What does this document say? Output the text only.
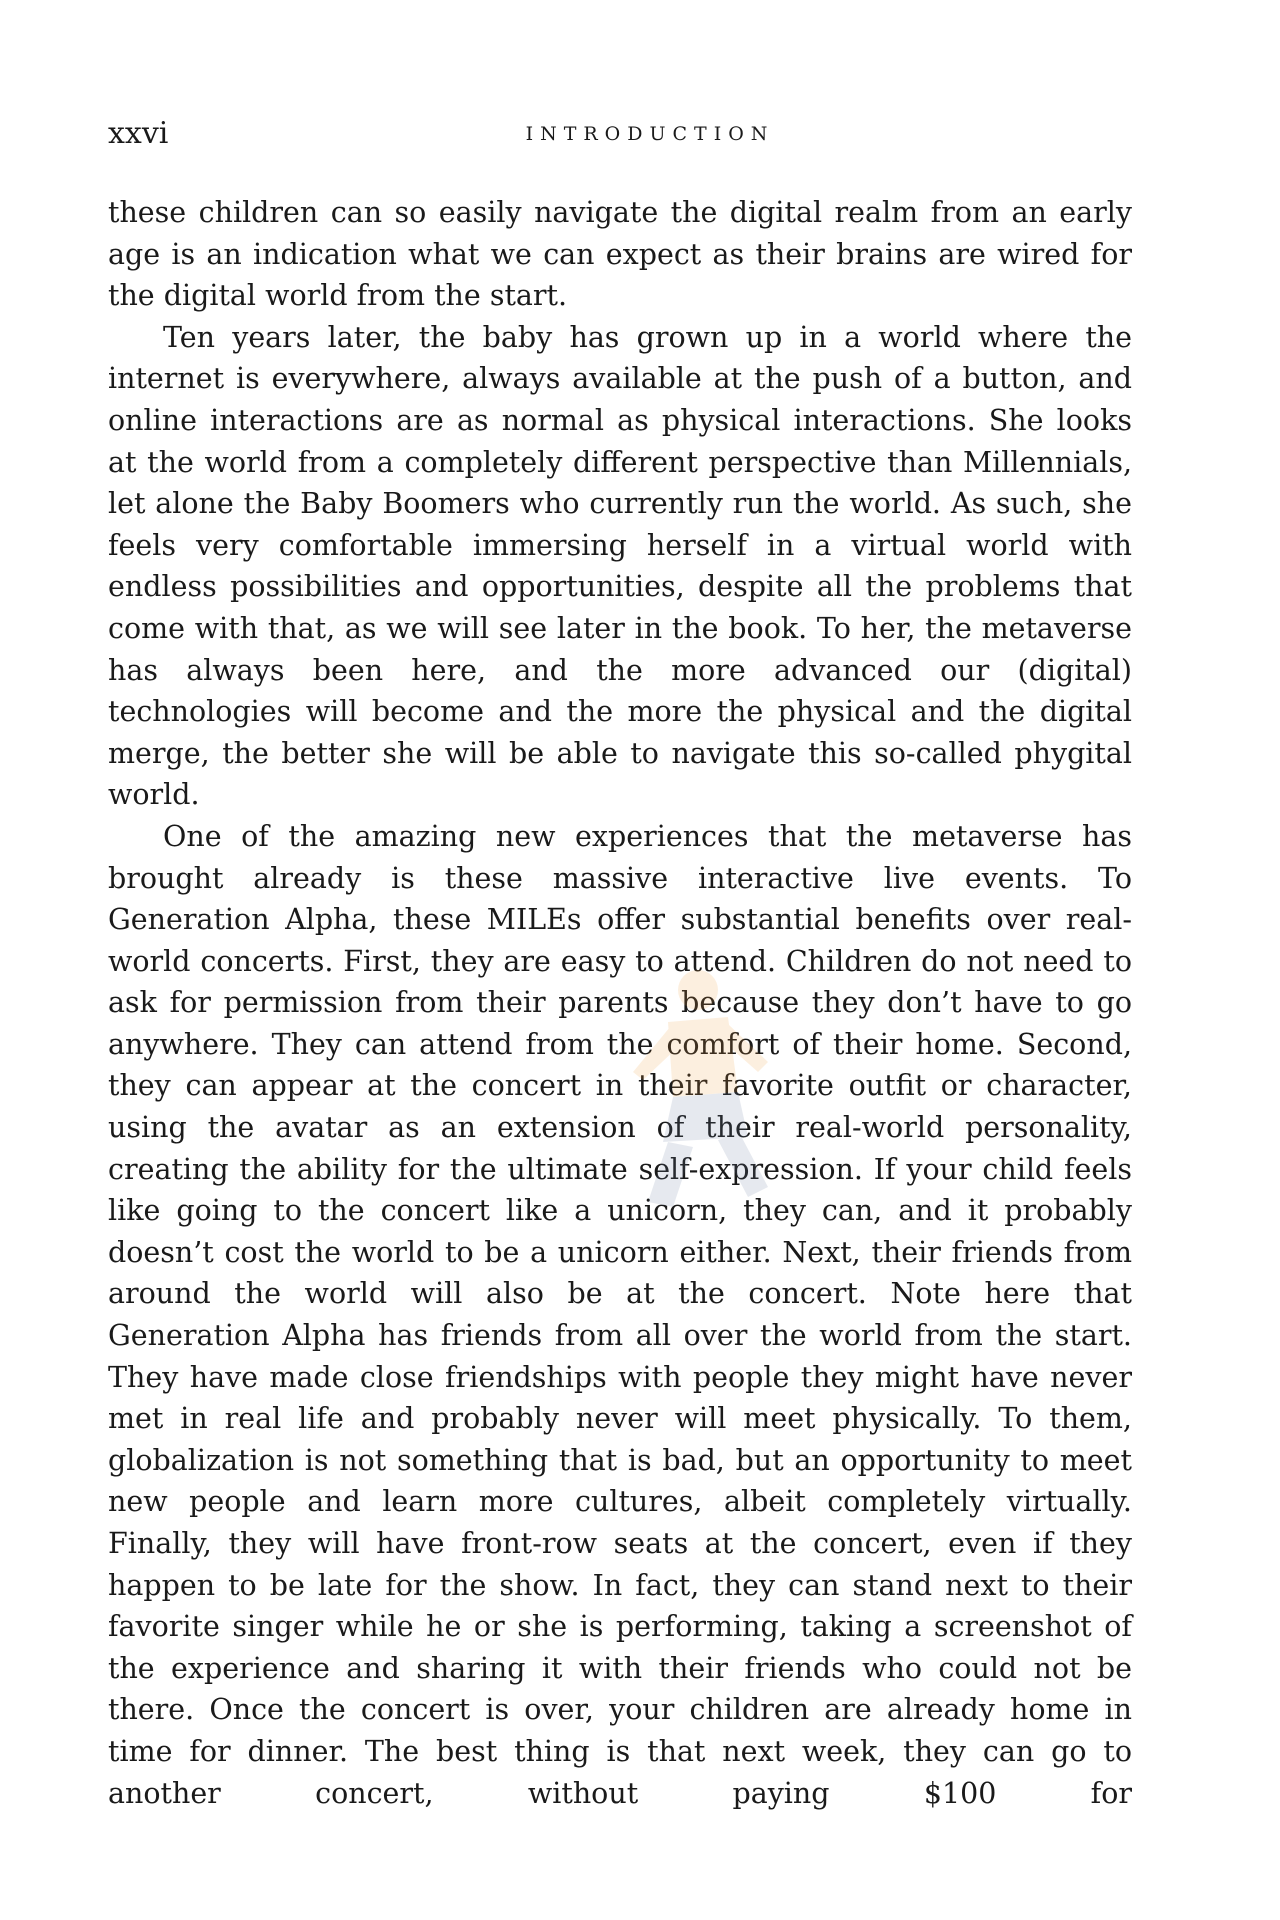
xxvi	INTRODUCTION

these children can so easily navigate the digital realm from an early age is an indication what we can expect as their brains are wired for the digital world from the start.

Ten years later, the baby has grown up in a world where the internet is everywhere, always available at the push of a button, and online interactions are as normal as physical interactions. She looks at the world from a completely different perspective than Millennials, let alone the Baby Boomers who currently run the world. As such, she feels very comfortable immersing herself in a virtual world with endless possibilities and opportunities, despite all the problems that come with that, as we will see later in the book. To her, the metaverse has always been here, and the more advanced our (digital) technologies will become and the more the physical and the digital merge, the better she will be able to navigate this so-called phygital world.

One of the amazing new experiences that the metaverse has brought already is these massive interactive live events. To Generation Alpha, these MILEs offer substantial benefits over real-world concerts. First, they are easy to attend. Children do not need to ask for permission from their parents because they don’t have to go anywhere. They can attend from the comfort of their home. Second, they can appear at the concert in their favorite outfit or character, using the avatar as an extension of their real-world personality, creating the ability for the ultimate self-expression. If your child feels like going to the concert like a unicorn, they can, and it probably doesn’t cost the world to be a unicorn either. Next, their friends from around the world will also be at the concert. Note here that Generation Alpha has friends from all over the world from the start. They have made close friendships with people they might have never met in real life and probably never will meet physically. To them, globalization is not something that is bad, but an opportunity to meet new people and learn more cultures, albeit completely virtually. Finally, they will have front-row seats at the concert, even if they happen to be late for the show. In fact, they can stand next to their favorite singer while he or she is performing, taking a screenshot of the experience and sharing it with their friends who could not be there. Once the concert is over, your children are already home in time for dinner. The best thing is that next week, they can go to another concert, without paying $100 for
